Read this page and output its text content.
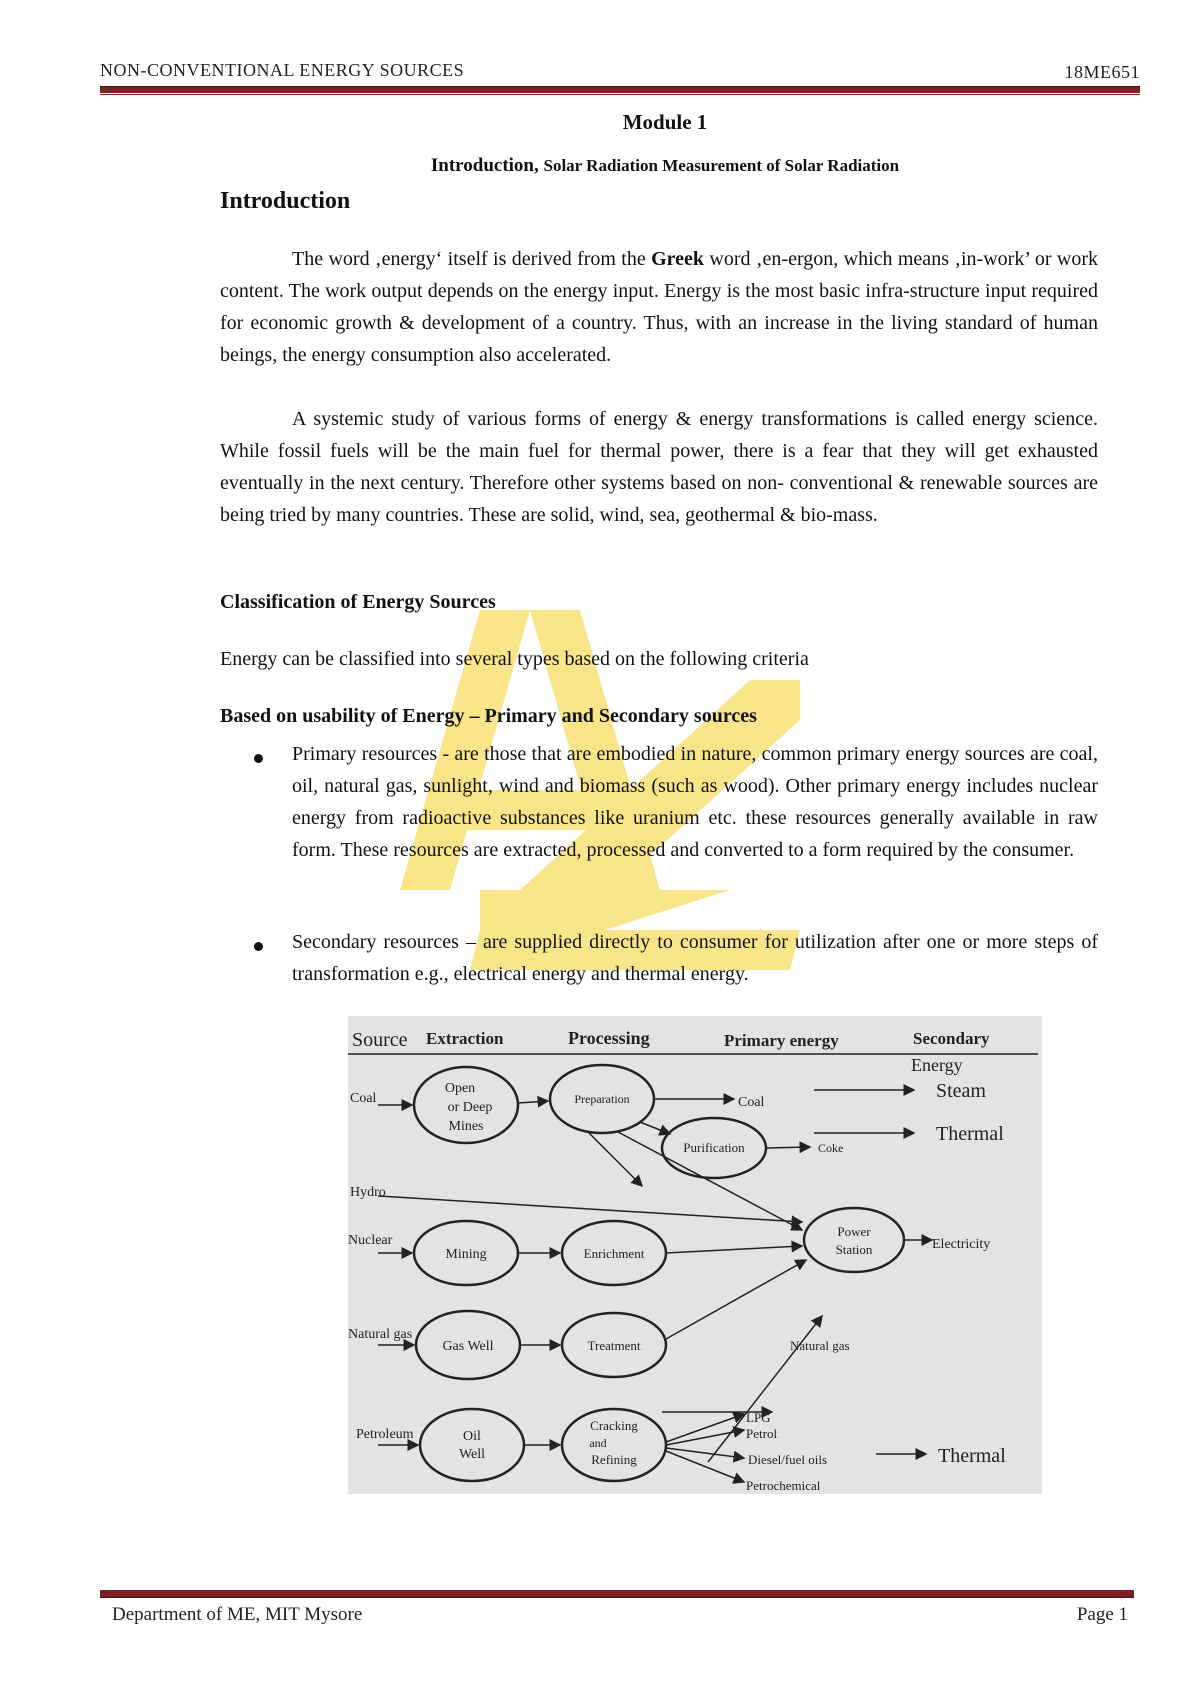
NON-CONVENTIONAL ENERGY SOURCES	18ME651
Module 1
Introduction, Solar Radiation Measurement of Solar Radiation
Introduction
The word ‚energy‘ itself is derived from the Greek word ‚en-ergon, which means ‚in-work’ or work content. The work output depends on the energy input. Energy is the most basic infra-structure input required for economic growth & development of a country. Thus, with an increase in the living standard of human beings, the energy consumption also accelerated.
A systemic study of various forms of energy & energy transformations is called energy science. While fossil fuels will be the main fuel for thermal power, there is a fear that they will get exhausted eventually in the next century. Therefore other systems based on non- conventional & renewable sources are being tried by many countries. These are solid, wind, sea, geothermal & bio-mass.
Classification of Energy Sources
Energy can be classified into several types based on the following criteria
Based on usability of Energy – Primary and Secondary sources
Primary resources - are those that are embodied in nature, common primary energy sources are coal, oil, natural gas, sunlight, wind and biomass (such as wood). Other primary energy includes nuclear energy from radioactive substances like uranium etc. these resources generally available in raw form. These resources are extracted, processed and converted to a form required by the consumer.
Secondary resources – are supplied directly to consumer for utilization after one or more steps of transformation e.g., electrical energy and thermal energy.
Source Extraction	Processing	Primary energy	Secondary
Energy
Coal
Hydro
Nuclear
Natural gas
Petroleum
Open
or Deep
Mines
Preparation
Purification
Mining	Enrichment
Power
Station
Gas Well	Treatment
Oil
Well
Cracking
and
Refining
Coal
Coke
Steam
Thermal
Electricity
Natural gas
LPG
Petrol
Diesel/fuel oils
Petrochemical
Thermal
Department of ME, MIT Mysore	Page 1
